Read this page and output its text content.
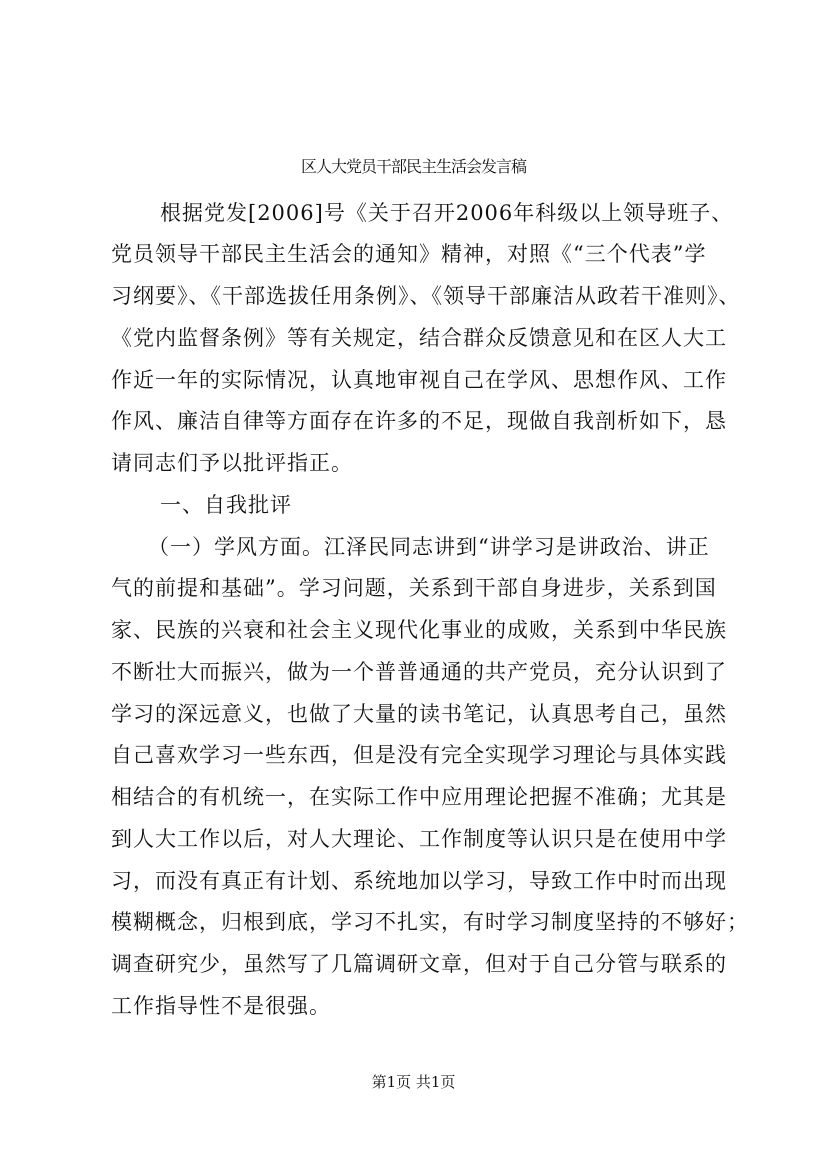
区人大党员干部民主生活会发言稿
根据党发[2006]号《关于召开2006年科级以上领导班子、
党员领导干部民主生活会的通知》精神，对照《“三个代表”学
习纲要》、《干部选拔任用条例》、《领导干部廉洁从政若干准则》、
《党内监督条例》等有关规定，结合群众反馈意见和在区人大工
作近一年的实际情况，认真地审视自己在学风、思想作风、工作
作风、廉洁自律等方面存在许多的不足，现做自我剖析如下，恳
请同志们予以批评指正。
一、自我批评
（一）学风方面。江泽民同志讲到“讲学习是讲政治、讲正
气的前提和基础”。学习问题，关系到干部自身进步，关系到国
家、民族的兴衰和社会主义现代化事业的成败，关系到中华民族
不断壮大而振兴，做为一个普普通通的共产党员，充分认识到了
学习的深远意义，也做了大量的读书笔记，认真思考自己，虽然
自己喜欢学习一些东西，但是没有完全实现学习理论与具体实践
相结合的有机统一，在实际工作中应用理论把握不准确；尤其是
到人大工作以后，对人大理论、工作制度等认识只是在使用中学
习，而没有真正有计划、系统地加以学习，导致工作中时而出现
模糊概念，归根到底，学习不扎实，有时学习制度坚持的不够好；
调查研究少，虽然写了几篇调研文章，但对于自己分管与联系的
工作指导性不是很强。
第1页 共1页
